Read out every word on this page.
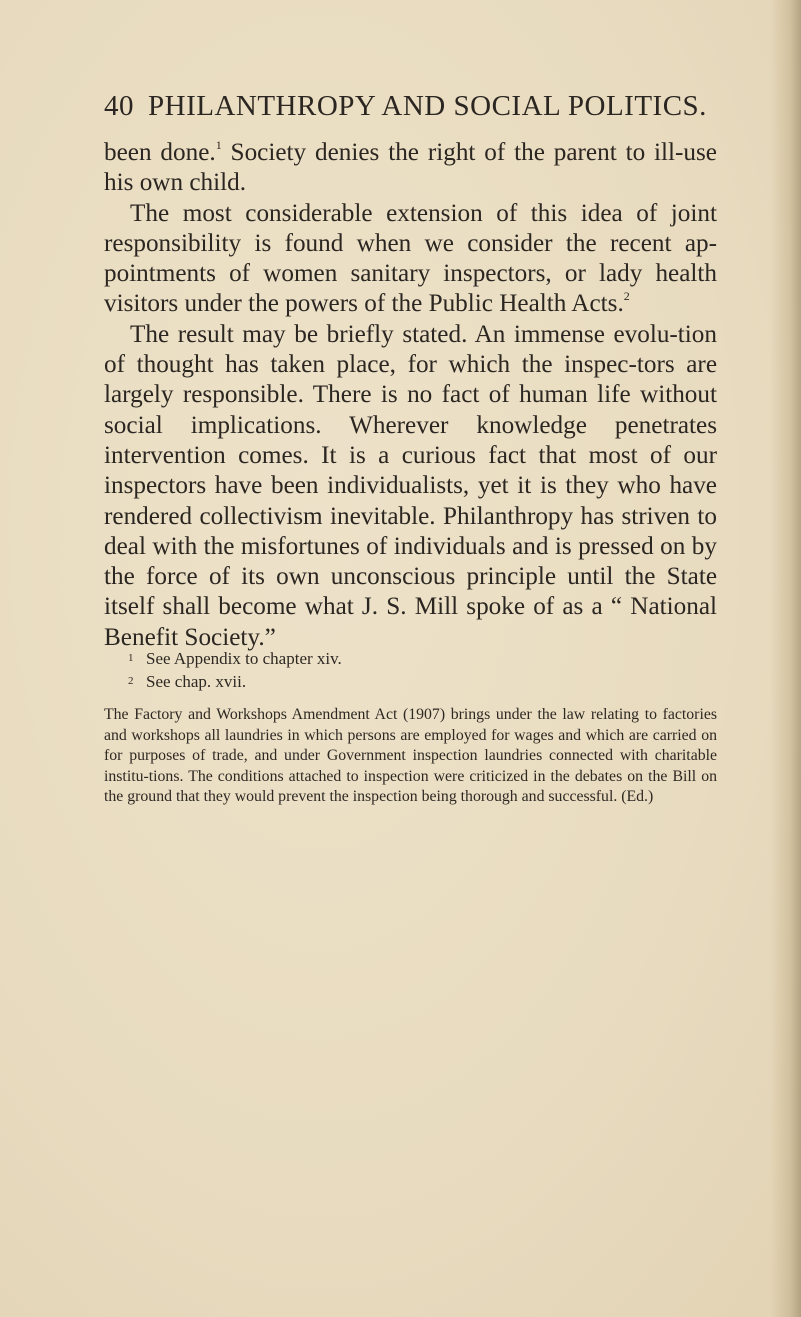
40 PHILANTHROPY AND SOCIAL POLITICS.

been done.$^1$ Society denies the right of the parent to ill-use his own child.

The most considerable extension of this idea of joint responsibility is found when we consider the recent ap-pointments of women sanitary inspectors, or lady health visitors under the powers of the Public Health Acts.$^2$

The result may be briefly stated. An immense evolu-tion of thought has taken place, for which the inspec-tors are largely responsible. There is no fact of human life without social implications. Wherever knowledge penetrates intervention comes. It is a curious fact that most of our inspectors have been individualists, yet it is they who have rendered collectivism inevitable. Philanthropy has striven to deal with the misfortunes of individuals and is pressed on by the force of its own unconscious principle until the State itself shall become what J. S. Mill spoke of as a “ National Benefit Society.”

1 See Appendix to chapter xiv.

2 See chap. xvii.

The Factory and Workshops Amendment Act (1907) brings under the law relating to factories and workshops all laundries in which persons are employed for wages and which are carried on for purposes of trade, and under Government inspection laundries connected with charitable institu-tions. The conditions attached to inspection were criticized in the debates on the Bill on the ground that they would prevent the inspection being thorough and successful. (Ed.)
